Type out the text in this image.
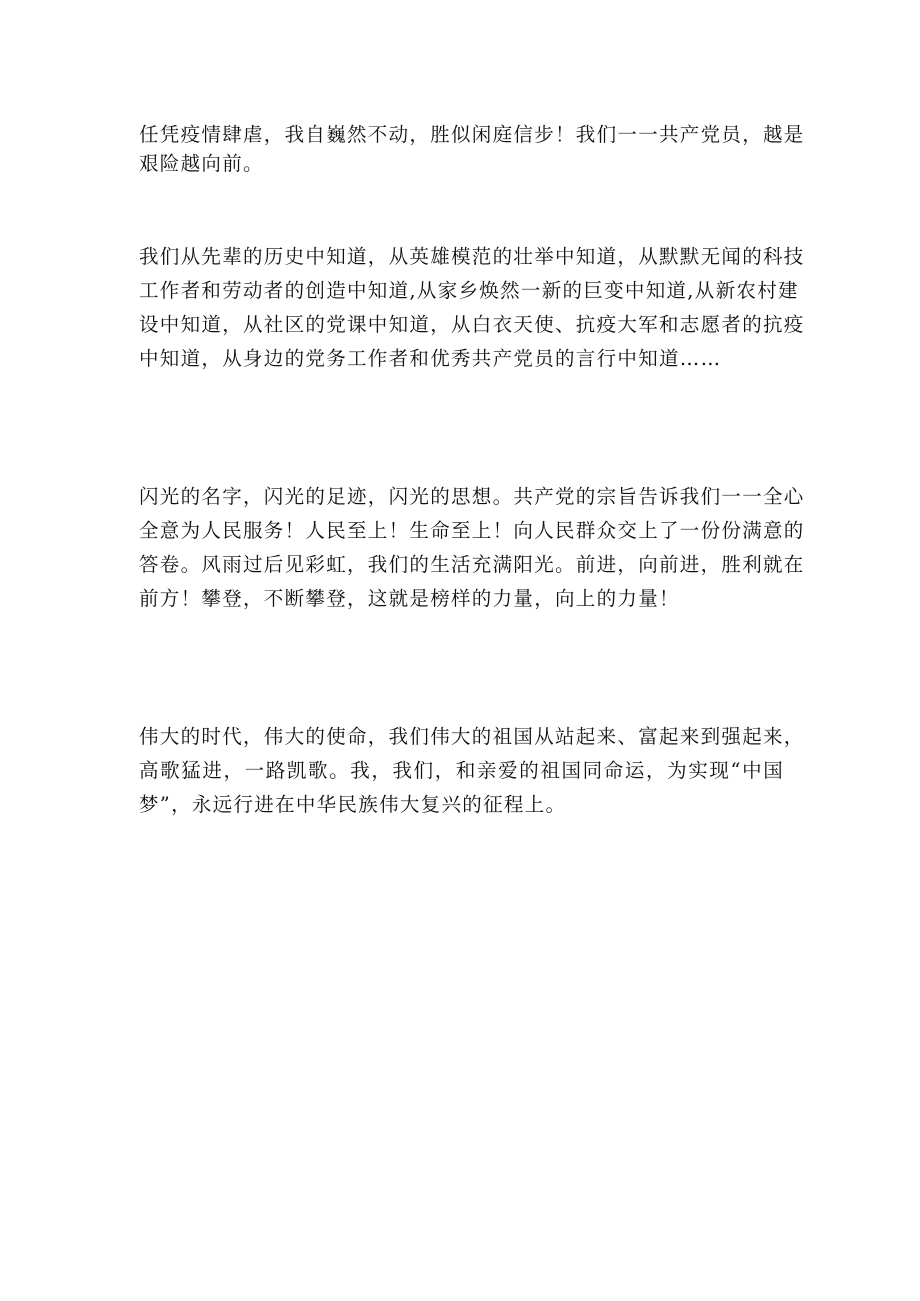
任凭疫情肆虐，我自巍然不动，胜似闲庭信步！我们一一共产党员，越是
艰险越向前。

我们从先辈的历史中知道，从英雄模范的壮举中知道，从默默无闻的科技
工作者和劳动者的创造中知道,从家乡焕然一新的巨变中知道,从新农村建
设中知道，从社区的党课中知道，从白衣天使、抗疫大军和志愿者的抗疫
中知道，从身边的党务工作者和优秀共产党员的言行中知道……

闪光的名字，闪光的足迹，闪光的思想。共产党的宗旨告诉我们一一全心
全意为人民服务！人民至上！生命至上！向人民群众交上了一份份满意的
答卷。风雨过后见彩虹，我们的生活充满阳光。前进，向前进，胜利就在
前方！攀登，不断攀登，这就是榜样的力量，向上的力量！

伟大的时代，伟大的使命，我们伟大的祖国从站起来、富起来到强起来，
高歌猛进，一路凯歌。我，我们，和亲爱的祖国同命运，为实现“中国
梦”，永远行进在中华民族伟大复兴的征程上。
